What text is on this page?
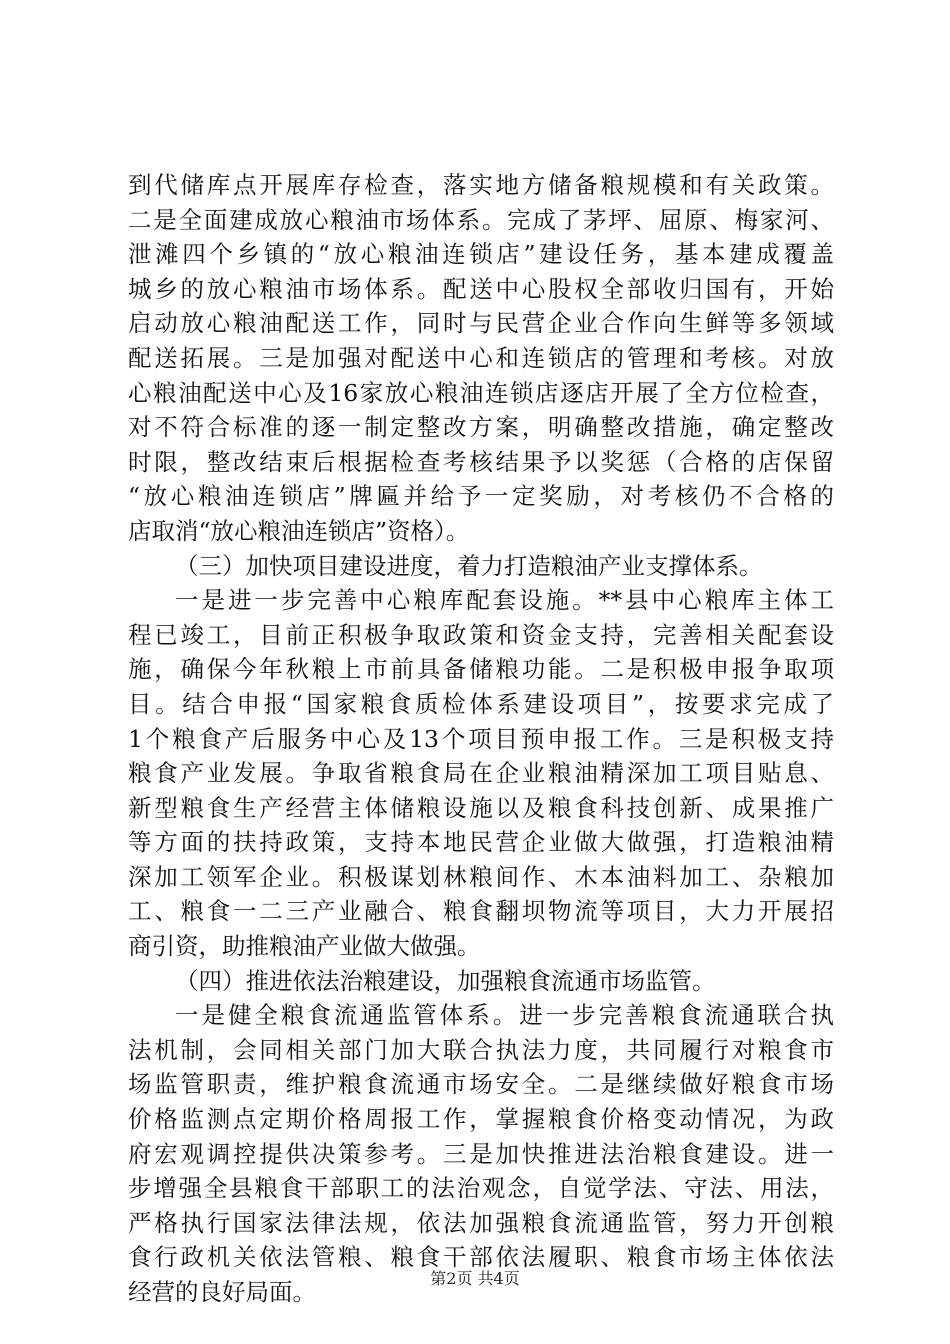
到代储库点开展库存检查，落实地方储备粮规模和有关政策。
二是全面建成放心粮油市场体系。完成了茅坪、屈原、梅家河、
泄滩四个乡镇的“放心粮油连锁店”建设任务，基本建成覆盖
城乡的放心粮油市场体系。配送中心股权全部收归国有，开始
启动放心粮油配送工作，同时与民营企业合作向生鲜等多领域
配送拓展。三是加强对配送中心和连锁店的管理和考核。对放
心粮油配送中心及16家放心粮油连锁店逐店开展了全方位检查，
对不符合标准的逐一制定整改方案，明确整改措施，确定整改
时限，整改结束后根据检查考核结果予以奖惩（合格的店保留
“放心粮油连锁店”牌匾并给予一定奖励，对考核仍不合格的
店取消“放心粮油连锁店”资格）。
（三）加快项目建设进度，着力打造粮油产业支撑体系。
一是进一步完善中心粮库配套设施。**县中心粮库主体工
程已竣工，目前正积极争取政策和资金支持，完善相关配套设
施，确保今年秋粮上市前具备储粮功能。二是积极申报争取项
目。结合申报“国家粮食质检体系建设项目”，按要求完成了
1个粮食产后服务中心及13个项目预申报工作。三是积极支持
粮食产业发展。争取省粮食局在企业粮油精深加工项目贴息、
新型粮食生产经营主体储粮设施以及粮食科技创新、成果推广
等方面的扶持政策，支持本地民营企业做大做强，打造粮油精
深加工领军企业。积极谋划林粮间作、木本油料加工、杂粮加
工、粮食一二三产业融合、粮食翻坝物流等项目，大力开展招
商引资，助推粮油产业做大做强。
（四）推进依法治粮建设，加强粮食流通市场监管。
一是健全粮食流通监管体系。进一步完善粮食流通联合执
法机制，会同相关部门加大联合执法力度，共同履行对粮食市
场监管职责，维护粮食流通市场安全。二是继续做好粮食市场
价格监测点定期价格周报工作，掌握粮食价格变动情况，为政
府宏观调控提供决策参考。三是加快推进法治粮食建设。进一
步增强全县粮食干部职工的法治观念，自觉学法、守法、用法，
严格执行国家法律法规，依法加强粮食流通监管，努力开创粮
食行政机关依法管粮、粮食干部依法履职、粮食市场主体依法
经营的良好局面。	第2页 共4页
